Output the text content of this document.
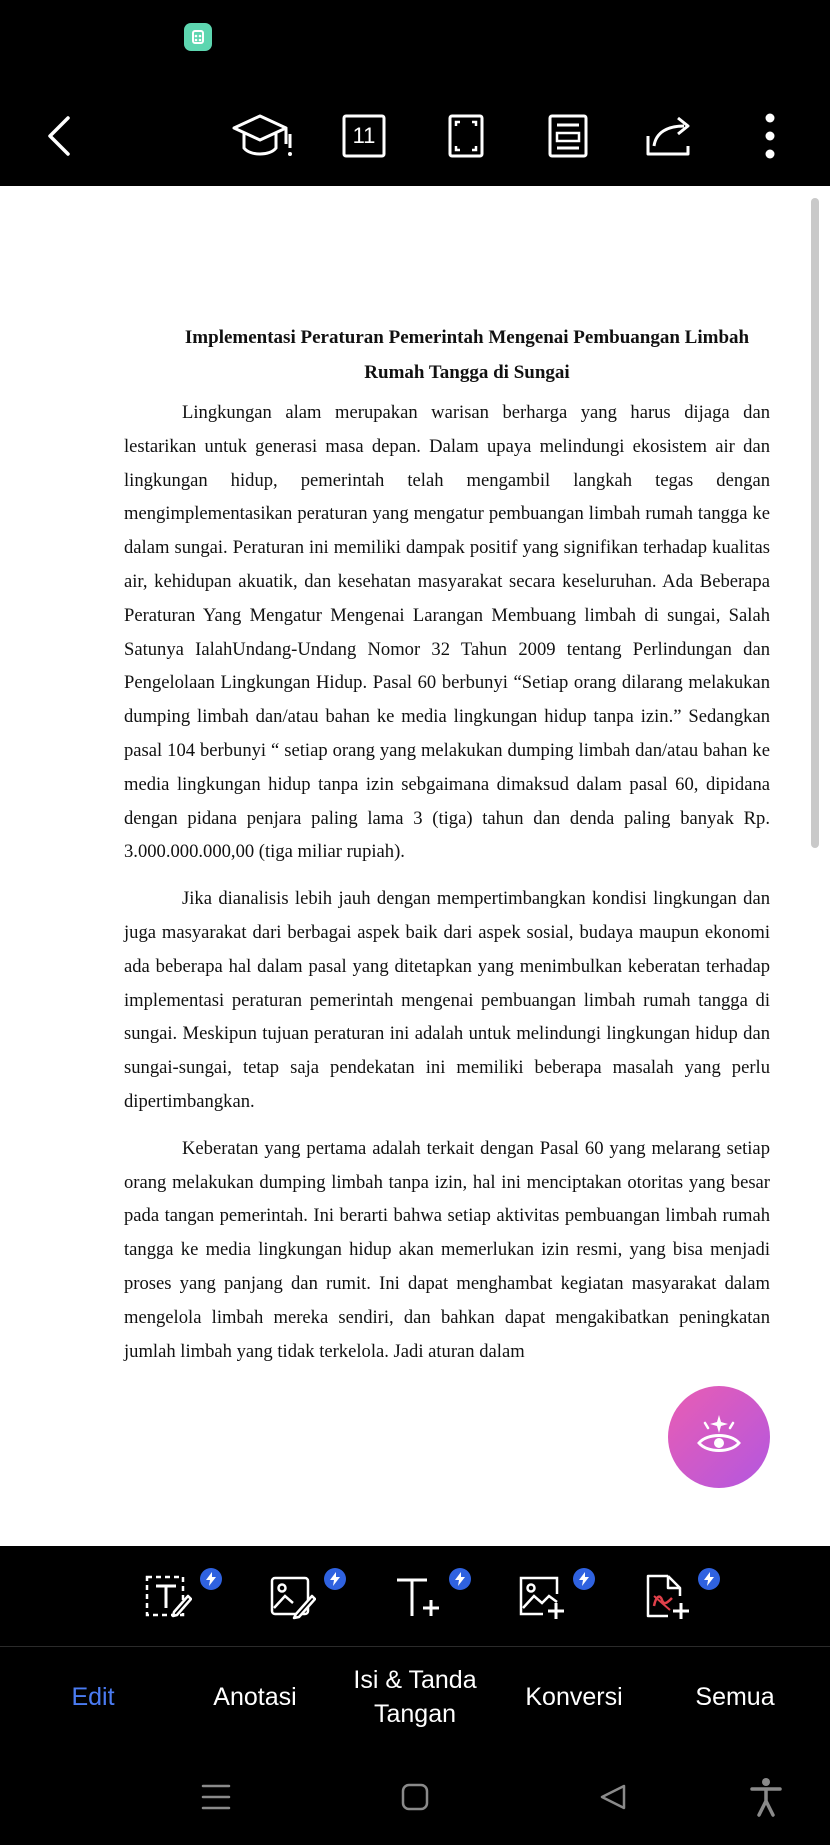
11
Implementasi Peraturan Pemerintah Mengenai Pembuangan Limbah Rumah Tangga di Sungai

Lingkungan alam merupakan warisan berharga yang harus dijaga dan lestarikan untuk generasi masa depan. Dalam upaya melindungi ekosistem air dan lingkungan hidup, pemerintah telah mengambil langkah tegas dengan mengimplementasikan peraturan yang mengatur pembuangan limbah rumah tangga ke dalam sungai. Peraturan ini memiliki dampak positif yang signifikan terhadap kualitas air, kehidupan akuatik, dan kesehatan masyarakat secara keseluruhan. Ada Beberapa Peraturan Yang Mengatur Mengenai Larangan Membuang limbah di sungai, Salah Satunya IalahUndang-Undang Nomor 32 Tahun 2009 tentang Perlindungan dan Pengelolaan Lingkungan Hidup. Pasal 60 berbunyi “Setiap orang dilarang melakukan dumping limbah dan/atau bahan ke media lingkungan hidup tanpa izin.” Sedangkan pasal 104 berbunyi “ setiap orang yang melakukan dumping limbah dan/atau bahan ke media lingkungan hidup tanpa izin sebgaimana dimaksud dalam pasal 60, dipidana dengan pidana penjara paling lama 3 (tiga) tahun dan denda paling banyak Rp. 3.000.000.000,00 (tiga miliar rupiah).

Jika dianalisis lebih jauh dengan mempertimbangkan kondisi lingkungan dan juga masyarakat dari berbagai aspek baik dari aspek sosial, budaya maupun ekonomi ada beberapa hal dalam pasal yang ditetapkan yang menimbulkan keberatan terhadap implementasi peraturan pemerintah mengenai pembuangan limbah rumah tangga di sungai. Meskipun tujuan peraturan ini adalah untuk melindungi lingkungan hidup dan sungai-sungai, tetap saja pendekatan ini memiliki beberapa masalah yang perlu dipertimbangkan.

Keberatan yang pertama adalah terkait dengan Pasal 60 yang melarang setiap orang melakukan dumping limbah tanpa izin, hal ini menciptakan otoritas yang besar pada tangan pemerintah. Ini berarti bahwa setiap aktivitas pembuangan limbah rumah tangga ke media lingkungan hidup akan memerlukan izin resmi, yang bisa menjadi proses yang panjang dan rumit. Ini dapat menghambat kegiatan masyarakat dalam mengelola limbah mereka sendiri, dan bahkan dapat mengakibatkan peningkatan jumlah limbah yang tidak terkelola. Jadi aturan dalam

Edit	Anotasi
Isi & Tanda Tangan
Konversi	Semua
